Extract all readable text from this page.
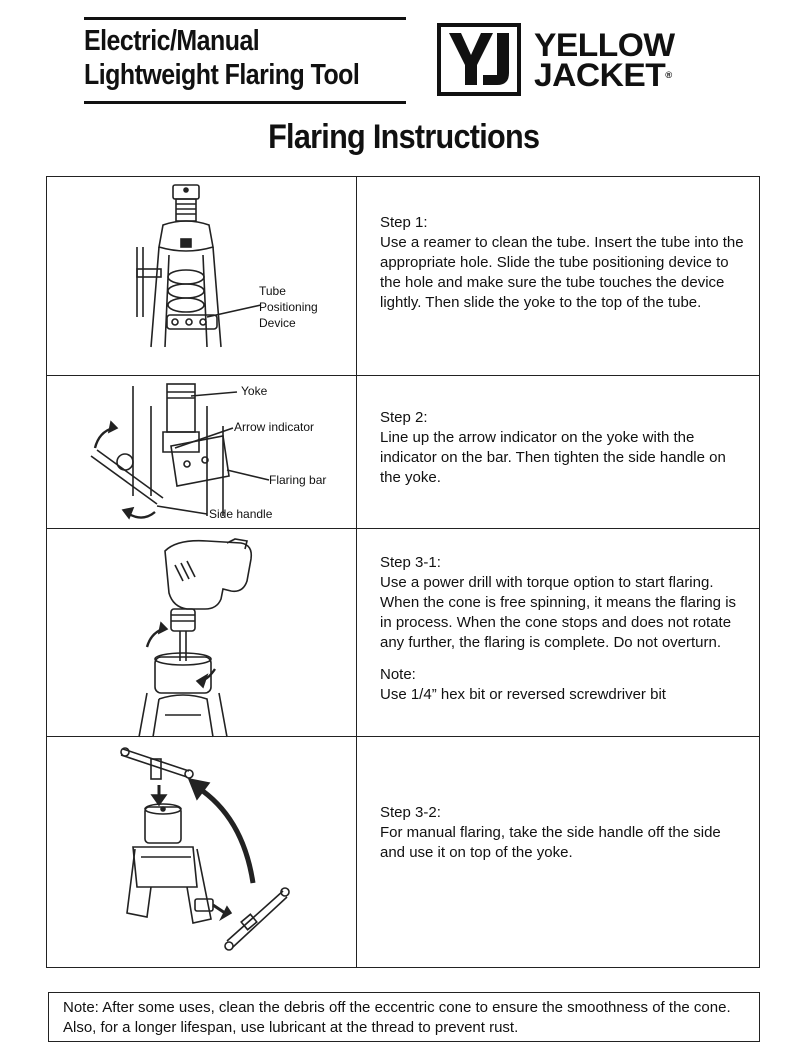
Electric/Manual
Lightweight Flaring Tool
YJ
YELLOW
JACKET®
Flaring Instructions
Tube
Positioning
Device

Step 1:

Use a reamer to clean the tube. Insert the tube into the appropriate hole. Slide the tube positioning device to the hole and make sure the tube touches the device lightly. Then slide the yoke to the top of the tube.

Yoke
Arrow indicator
Flaring bar
Side handle

Step 2:

Line up the arrow indicator on the yoke with the indicator on the bar. Then tighten the side handle on the yoke.

Step 3-1:

Use a power drill with torque option to start flaring. When the cone is free spinning, it means the flaring is in process. When the cone stops and does not rotate any further, the flaring is complete. Do not overturn.

Note:

Use 1/4” hex bit or reversed screwdriver bit

Step 3-2:

For manual flaring, take the side handle off the side and use it on top of the yoke.

Note: After some uses, clean the debris off the eccentric cone to ensure the smoothness of the cone. Also, for a longer lifespan, use lubricant at the thread to prevent rust.
